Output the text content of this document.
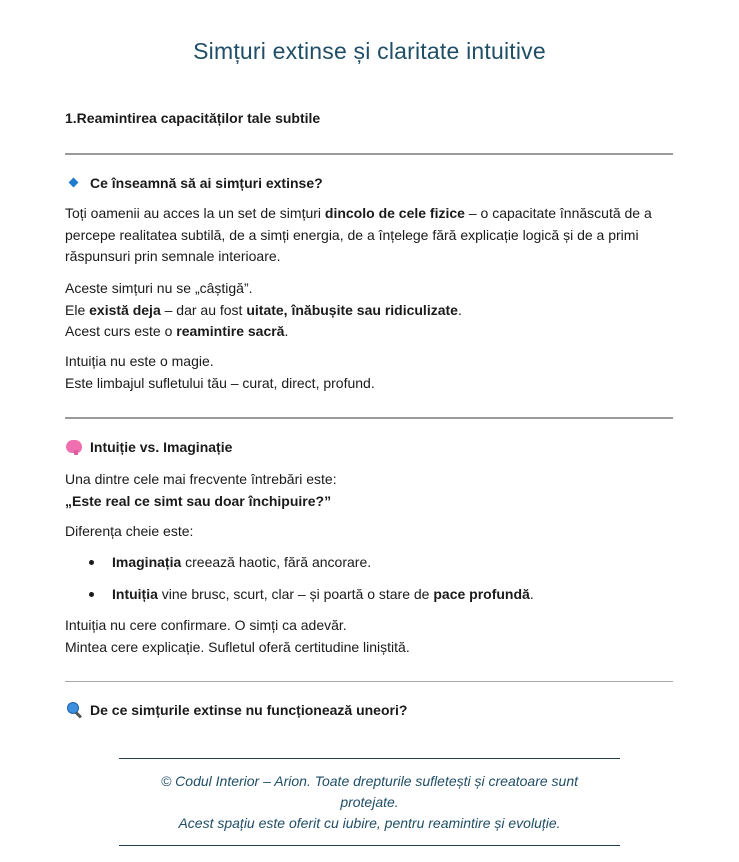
Simțuri extinse și claritate intuitive
1.Reamintirea capacităților tale subtile
Ce înseamnă să ai simțuri extinse?

Toți oamenii au acces la un set de simțuri dincolo de cele fizice – o capacitate înnăscută de a percepe realitatea subtilă, de a simți energia, de a înțelege fără explicație logică și de a primi răspunsuri prin semnale interioare.

Aceste simțuri nu se „câștigă”.

Ele există deja – dar au fost uitate, înăbușite sau ridiculizate.

Acest curs este o reamintire sacră.

Intuiția nu este o magie.

Este limbajul sufletului tău – curat, direct, profund.

Intuiție vs. Imaginație

Una dintre cele mai frecvente întrebări este:

„Este real ce simt sau doar închipuire?”

Diferența cheie este:

Imaginația creează haotic, fără ancorare.
Intuiția vine brusc, scurt, clar – și poartă o stare de pace profundă.

Intuiția nu cere confirmare. O simți ca adevăr.

Mintea cere explicație. Sufletul oferă certitudine liniștită.

De ce simțurile extinse nu funcționează uneori?
© Codul Interior – Arion. Toate drepturile sufletești și creatoare sunt protejate.
Acest spațiu este oferit cu iubire, pentru reamintire și evoluție.
